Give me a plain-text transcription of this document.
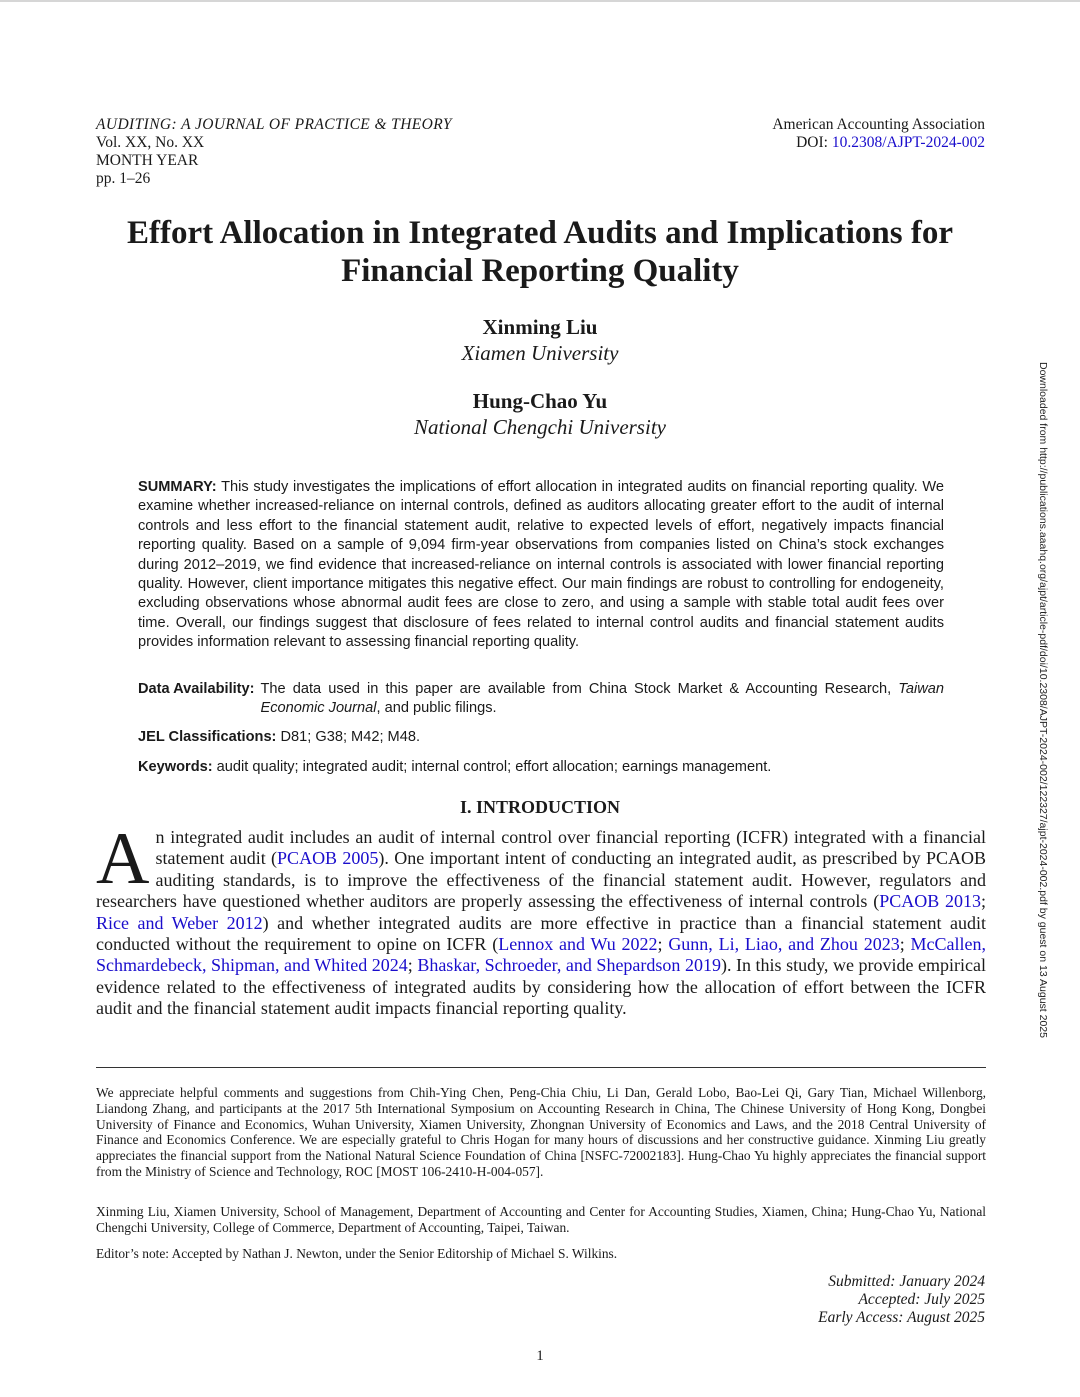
AUDITING: A JOURNAL OF PRACTICE & THEORY
Vol. XX, No. XX
MONTH YEAR
pp. 1–26
American Accounting Association
DOI: 10.2308/AJPT-2024-002
Effort Allocation in Integrated Audits and Implications for
Financial Reporting Quality
Xinming Liu
Xiamen University
Hung-Chao Yu
National Chengchi University
SUMMARY: This study investigates the implications of effort allocation in integrated audits on financial reporting quality. We examine whether increased-reliance on internal controls, defined as auditors allocating greater effort to the audit of internal controls and less effort to the financial statement audit, relative to expected levels of effort, negatively impacts financial reporting quality. Based on a sample of 9,094 firm-year observations from companies listed on China’s stock exchanges during 2012–2019, we find evidence that increased-reliance on internal controls is associated with lower financial reporting quality. However, client importance mitigates this negative effect. Our main findings are robust to controlling for endogeneity, excluding observations whose abnormal audit fees are close to zero, and using a sample with stable total audit fees over time. Overall, our findings suggest that disclosure of fees related to internal control audits and financial statement audits provides information relevant to assessing financial reporting quality.
Data Availability: The data used in this paper are available from China Stock Market & Accounting Research, Taiwan Economic Journal, and public filings.
JEL Classifications: D81; G38; M42; M48.
Keywords: audit quality; integrated audit; internal control; effort allocation; earnings management.
I. INTRODUCTION
An integrated audit includes an audit of internal control over financial reporting (ICFR) integrated with a financial statement audit (PCAOB 2005). One important intent of conducting an integrated audit, as prescribed by PCAOB auditing standards, is to improve the effectiveness of the financial statement audit. However, regulators and researchers have questioned whether auditors are properly assessing the effectiveness of internal controls (PCAOB 2013; Rice and Weber 2012) and whether integrated audits are more effective in practice than a financial statement audit conducted without the requirement to opine on ICFR (Lennox and Wu 2022; Gunn, Li, Liao, and Zhou 2023; McCallen, Schmardebeck, Shipman, and Whited 2024; Bhaskar, Schroeder, and Shepardson 2019). In this study, we provide empirical evidence related to the effectiveness of integrated audits by considering how the allocation of effort between the ICFR audit and the financial statement audit impacts financial reporting quality.
We appreciate helpful comments and suggestions from Chih-Ying Chen, Peng-Chia Chiu, Li Dan, Gerald Lobo, Bao-Lei Qi, Gary Tian, Michael Willenborg, Liandong Zhang, and participants at the 2017 5th International Symposium on Accounting Research in China, The Chinese University of Hong Kong, Dongbei University of Finance and Economics, Wuhan University, Xiamen University, Zhongnan University of Economics and Laws, and the 2018 Central University of Finance and Economics Conference. We are especially grateful to Chris Hogan for many hours of discussions and her constructive guidance. Xinming Liu greatly appreciates the financial support from the National Natural Science Foundation of China [NSFC-72002183]. Hung-Chao Yu highly appreciates the financial support from the Ministry of Science and Technology, ROC [MOST 106-2410-H-004-057].
Xinming Liu, Xiamen University, School of Management, Department of Accounting and Center for Accounting Studies, Xiamen, China; Hung-Chao Yu, National Chengchi University, College of Commerce, Department of Accounting, Taipei, Taiwan.
Editor’s note: Accepted by Nathan J. Newton, under the Senior Editorship of Michael S. Wilkins.
Submitted: January 2024
Accepted: July 2025
Early Access: August 2025
1
Downloaded from http://publications.aaahq.org/ajpt/article-pdf/doi/10.2308/AJPT-2024-002/122327/ajpt-2024-002.pdf by guest on 13 August 2025
